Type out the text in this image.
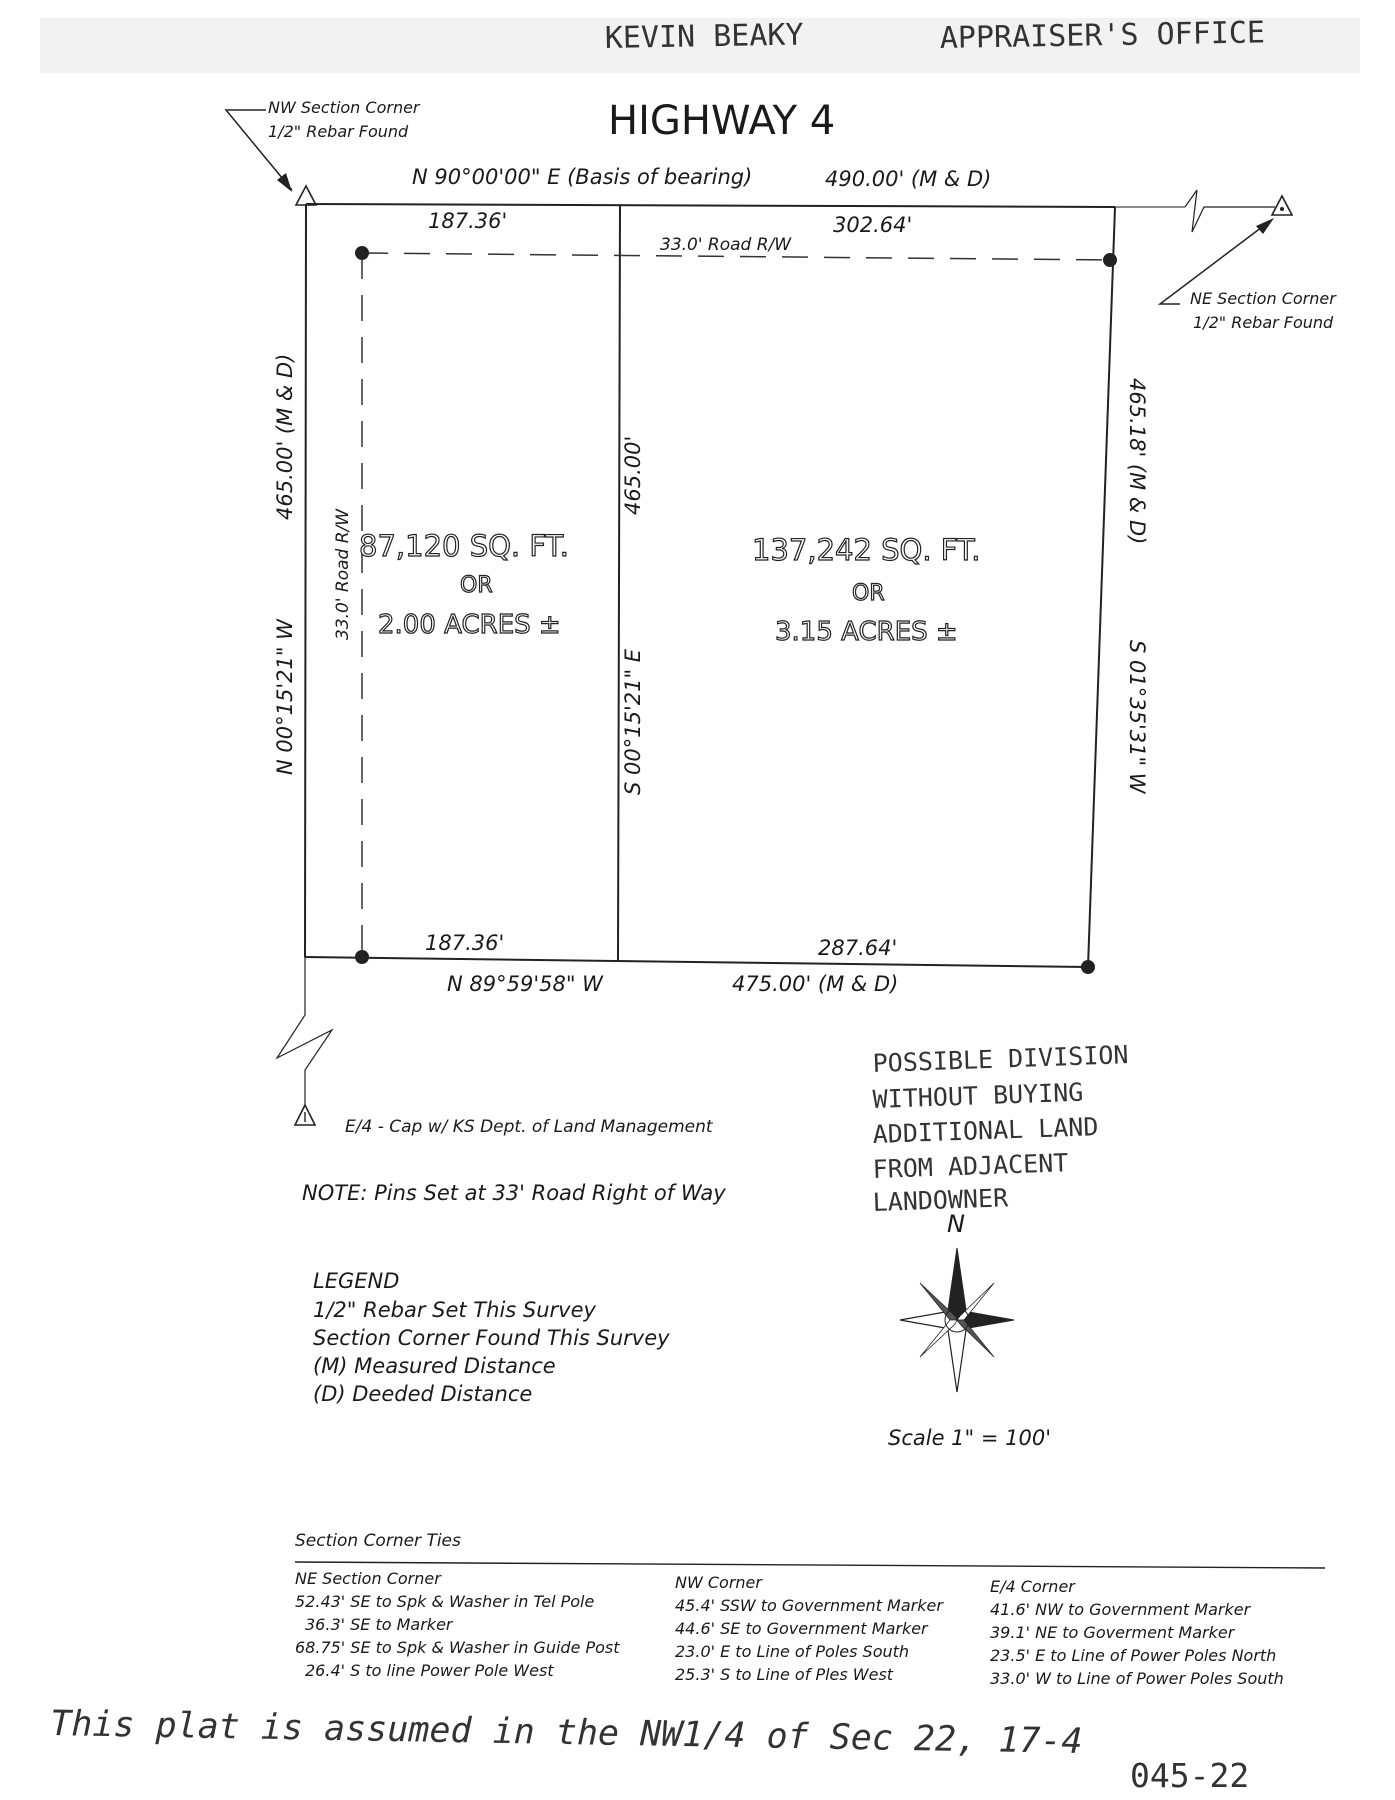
KEVIN BEAKY	APPRAISER'S OFFICE
HIGHWAY 4
NW Section Corner
1/2" Rebar Found
NE Section Corner
1/2" Rebar Found
N 90°00'00" E (Basis of bearing)	490.00' (M & D)
187.36'	302.64'
33.0' Road R/W
465.00' (M & D)
N 00°15'21" W
33.0' Road R/W
465.00'
S 00°15'21" E
465.18' (M & D)
S 01°35'31" W
187.36'	287.64'
N 89°59'58" W	475.00' (M & D)
87,120 SQ. FT.
OR
2.00 ACRES ±
137,242 SQ. FT.
OR
3.15 ACRES ±
E/4 - Cap w/ KS Dept. of Land Management
POSSIBLE DIVISION
WITHOUT BUYING
ADDITIONAL LAND
FROM ADJACENT
LANDOWNER
N
Scale 1" = 100'
NOTE: Pins Set at 33' Road Right of Way
LEGEND
1/2" Rebar Set This Survey
Section Corner Found This Survey
(M) Measured Distance
(D) Deeded Distance
Section Corner Ties
NE Section Corner
52.43' SE to Spk & Washer in Tel Pole
36.3' SE to Marker
68.75' SE to Spk & Washer in Guide Post
26.4' S to line Power Pole West
NW Corner
45.4' SSW to Government Marker
44.6' SE to Government Marker
23.0' E to Line of Poles South
25.3' S to Line of Ples West
E/4 Corner
41.6' NW to Government Marker
39.1' NE to Goverment Marker
23.5' E to Line of Power Poles North
33.0' W to Line of Power Poles South
This plat is assumed in the NW1/4 of Sec 22, 17-4
045-22
